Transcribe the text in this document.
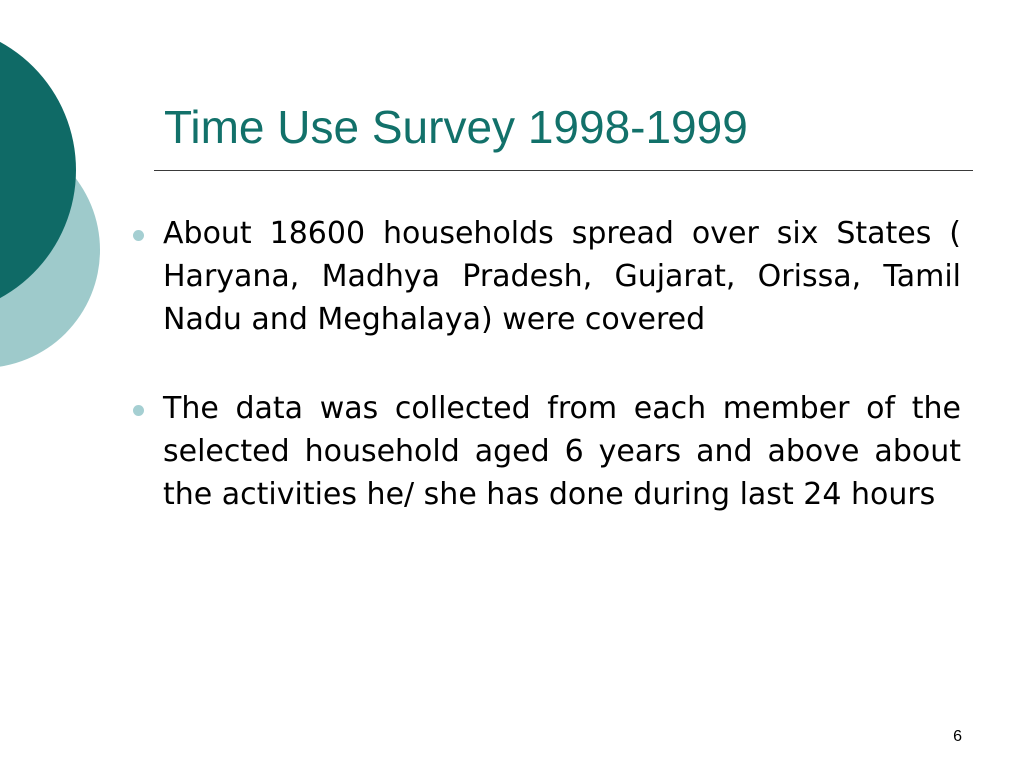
Time Use Survey 1998-1999
About 18600 households spread over six States ( Haryana, Madhya Pradesh, Gujarat, Orissa, Tamil Nadu and Meghalaya) were covered
The data was collected from each member of the selected household aged 6 years and above about the activities he/ she has done during last 24 hours
6
